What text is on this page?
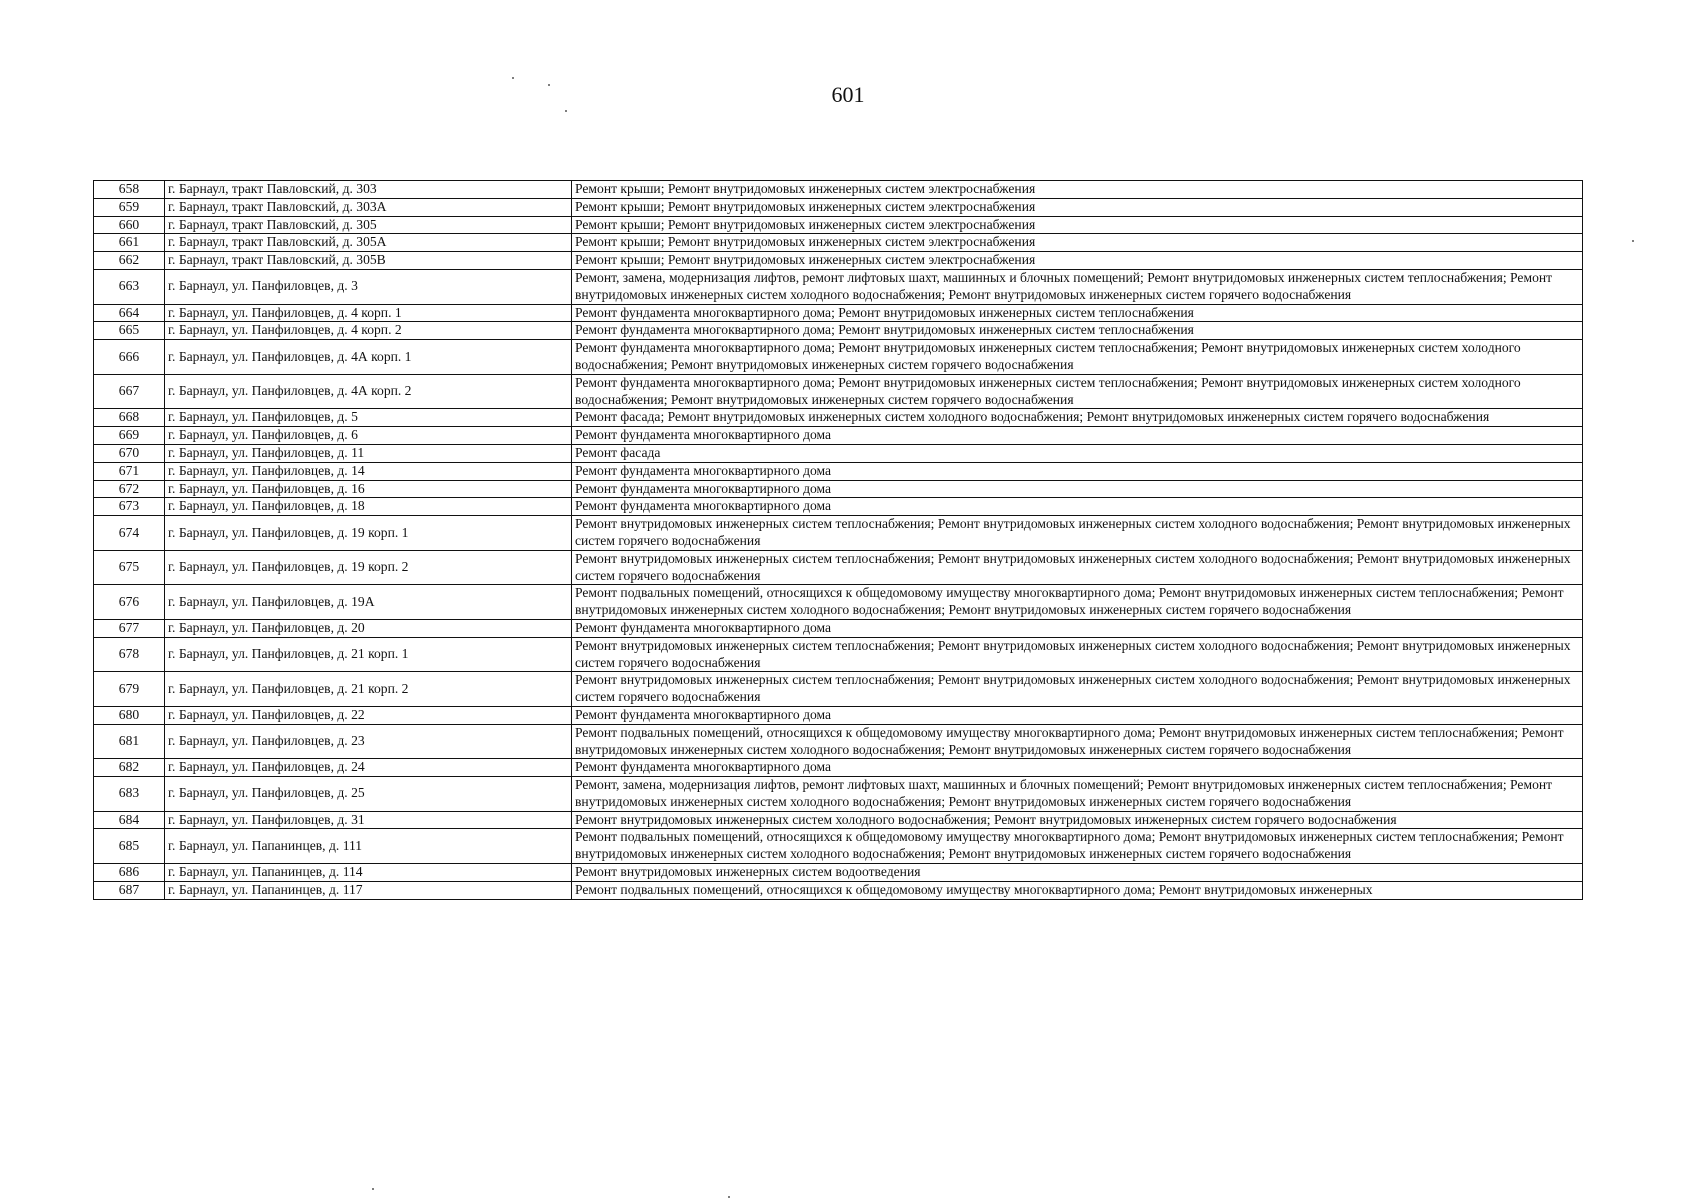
601
658	г. Барнаул, тракт Павловский, д. 303	Ремонт крыши; Ремонт внутридомовых инженерных систем электроснабжения
659	г. Барнаул, тракт Павловский, д. 303А	Ремонт крыши; Ремонт внутридомовых инженерных систем электроснабжения
660	г. Барнаул, тракт Павловский, д. 305	Ремонт крыши; Ремонт внутридомовых инженерных систем электроснабжения
661	г. Барнаул, тракт Павловский, д. 305А	Ремонт крыши; Ремонт внутридомовых инженерных систем электроснабжения
662	г. Барнаул, тракт Павловский, д. 305В	Ремонт крыши; Ремонт внутридомовых инженерных систем электроснабжения
663	г. Барнаул, ул. Панфиловцев, д. 3	Ремонт, замена, модернизация лифтов, ремонт лифтовых шахт, машинных и блочных помещений; Ремонт внутридомовых инженерных систем теплоснабжения; Ремонт внутридомовых инженерных систем холодного водоснабжения; Ремонт внутридомовых инженерных систем горячего водоснабжения
664	г. Барнаул, ул. Панфиловцев, д. 4 корп. 1	Ремонт фундамента многоквартирного дома; Ремонт внутридомовых инженерных систем теплоснабжения
665	г. Барнаул, ул. Панфиловцев, д. 4 корп. 2	Ремонт фундамента многоквартирного дома; Ремонт внутридомовых инженерных систем теплоснабжения
666	г. Барнаул, ул. Панфиловцев, д. 4А корп. 1	Ремонт фундамента многоквартирного дома; Ремонт внутридомовых инженерных систем теплоснабжения; Ремонт внутридомовых инженерных систем холодного водоснабжения; Ремонт внутридомовых инженерных систем горячего водоснабжения
667	г. Барнаул, ул. Панфиловцев, д. 4А корп. 2	Ремонт фундамента многоквартирного дома; Ремонт внутридомовых инженерных систем теплоснабжения; Ремонт внутридомовых инженерных систем холодного водоснабжения; Ремонт внутридомовых инженерных систем горячего водоснабжения
668	г. Барнаул, ул. Панфиловцев, д. 5	Ремонт фасада; Ремонт внутридомовых инженерных систем холодного водоснабжения; Ремонт внутридомовых инженерных систем горячего водоснабжения
669	г. Барнаул, ул. Панфиловцев, д. 6	Ремонт фундамента многоквартирного дома
670	г. Барнаул, ул. Панфиловцев, д. 11	Ремонт фасада
671	г. Барнаул, ул. Панфиловцев, д. 14	Ремонт фундамента многоквартирного дома
672	г. Барнаул, ул. Панфиловцев, д. 16	Ремонт фундамента многоквартирного дома
673	г. Барнаул, ул. Панфиловцев, д. 18	Ремонт фундамента многоквартирного дома
674	г. Барнаул, ул. Панфиловцев, д. 19 корп. 1	Ремонт внутридомовых инженерных систем теплоснабжения; Ремонт внутридомовых инженерных систем холодного водоснабжения; Ремонт внутридомовых инженерных систем горячего водоснабжения
675	г. Барнаул, ул. Панфиловцев, д. 19 корп. 2	Ремонт внутридомовых инженерных систем теплоснабжения; Ремонт внутридомовых инженерных систем холодного водоснабжения; Ремонт внутридомовых инженерных систем горячего водоснабжения
676	г. Барнаул, ул. Панфиловцев, д. 19А	Ремонт подвальных помещений, относящихся к общедомовому имуществу многоквартирного дома; Ремонт внутридомовых инженерных систем теплоснабжения; Ремонт внутридомовых инженерных систем холодного водоснабжения; Ремонт внутридомовых инженерных систем горячего водоснабжения
677	г. Барнаул, ул. Панфиловцев, д. 20	Ремонт фундамента многоквартирного дома
678	г. Барнаул, ул. Панфиловцев, д. 21 корп. 1	Ремонт внутридомовых инженерных систем теплоснабжения; Ремонт внутридомовых инженерных систем холодного водоснабжения; Ремонт внутридомовых инженерных систем горячего водоснабжения
679	г. Барнаул, ул. Панфиловцев, д. 21 корп. 2	Ремонт внутридомовых инженерных систем теплоснабжения; Ремонт внутридомовых инженерных систем холодного водоснабжения; Ремонт внутридомовых инженерных систем горячего водоснабжения
680	г. Барнаул, ул. Панфиловцев, д. 22	Ремонт фундамента многоквартирного дома
681	г. Барнаул, ул. Панфиловцев, д. 23	Ремонт подвальных помещений, относящихся к общедомовому имуществу многоквартирного дома; Ремонт внутридомовых инженерных систем теплоснабжения; Ремонт внутридомовых инженерных систем холодного водоснабжения; Ремонт внутридомовых инженерных систем горячего водоснабжения
682	г. Барнаул, ул. Панфиловцев, д. 24	Ремонт фундамента многоквартирного дома
683	г. Барнаул, ул. Панфиловцев, д. 25	Ремонт, замена, модернизация лифтов, ремонт лифтовых шахт, машинных и блочных помещений; Ремонт внутридомовых инженерных систем теплоснабжения; Ремонт внутридомовых инженерных систем холодного водоснабжения; Ремонт внутридомовых инженерных систем горячего водоснабжения
684	г. Барнаул, ул. Панфиловцев, д. 31	Ремонт внутридомовых инженерных систем холодного водоснабжения; Ремонт внутридомовых инженерных систем горячего водоснабжения
685	г. Барнаул, ул. Папанинцев, д. 111	Ремонт подвальных помещений, относящихся к общедомовому имуществу многоквартирного дома; Ремонт внутридомовых инженерных систем теплоснабжения; Ремонт внутридомовых инженерных систем холодного водоснабжения; Ремонт внутридомовых инженерных систем горячего водоснабжения
686	г. Барнаул, ул. Папанинцев, д. 114	Ремонт внутридомовых инженерных систем водоотведения
687	г. Барнаул, ул. Папанинцев, д. 117	Ремонт подвальных помещений, относящихся к общедомовому имуществу многоквартирного дома; Ремонт внутридомовых инженерных
